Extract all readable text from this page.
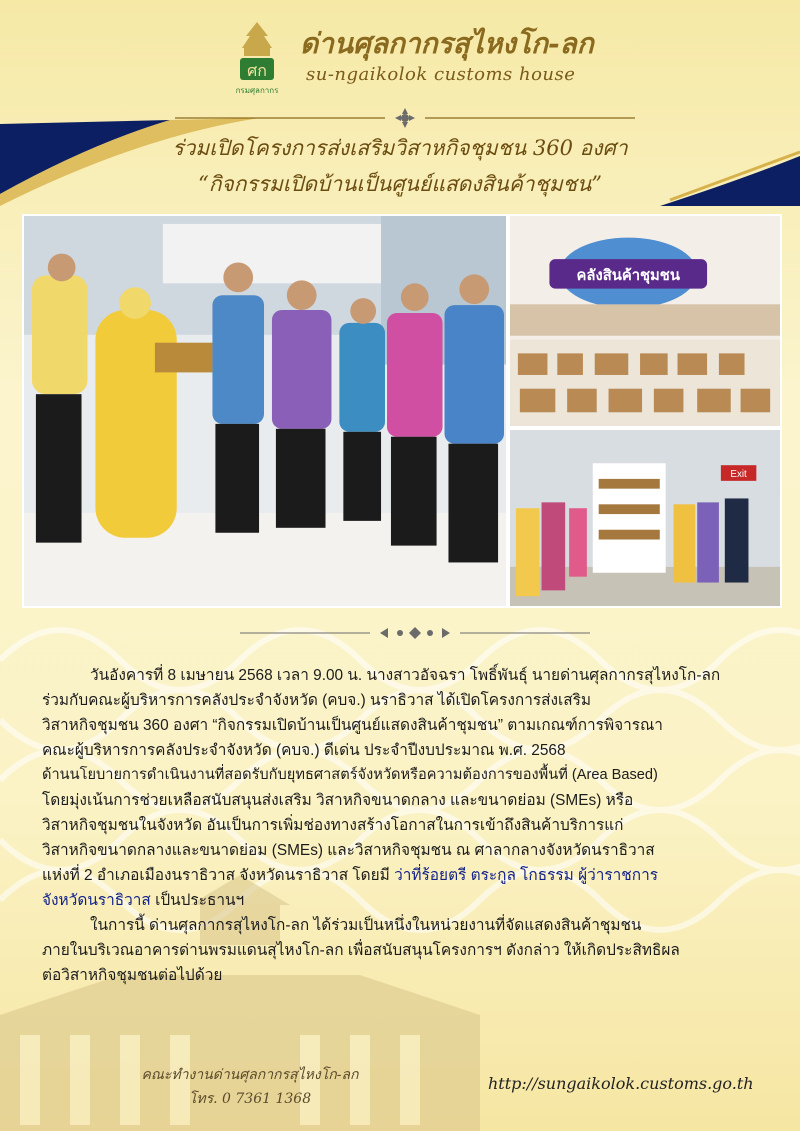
ศก
กรมศุลกากร
ด่านศุลกากรสุไหงโก-ลก
su-ngaikolok customs house
ร่วมเปิดโครงการส่งเสริมวิสาหกิจชุมชน 360 องศา
“กิจกรรมเปิดบ้านเป็นศูนย์แสดงสินค้าชุมชน”
คลังสินค้าชุมชน
Exit

วันอังคารที่ 8 เมษายน 2568 เวลา 9.00 น. นางสาวอัจฉรา โพธิ์พันธุ์ นายด่านศุลกากรสุไหงโก-ลก

ร่วมกับคณะผู้บริหารการคลังประจำจังหวัด (คบจ.) นราธิวาส ได้เปิดโครงการส่งเสริม

วิสาหกิจชุมชน 360 องศา “กิจกรรมเปิดบ้านเป็นศูนย์แสดงสินค้าชุมชน” ตามเกณฑ์การพิจารณา

คณะผู้บริหารการคลังประจำจังหวัด (คบจ.) ดีเด่น ประจำปีงบประมาณ พ.ศ. 2568

ด้านนโยบายการดำเนินงานที่สอดรับกับยุทธศาสตร์จังหวัดหรือความต้องการของพื้นที่ (Area Based)

โดยมุ่งเน้นการช่วยเหลือสนับสนุนส่งเสริม วิสาหกิจขนาดกลาง และขนาดย่อม (SMEs) หรือ

วิสาหกิจชุมชนในจังหวัด อันเป็นการเพิ่มช่องทางสร้างโอกาสในการเข้าถึงสินค้าบริการแก่

วิสาหกิจขนาดกลางและขนาดย่อม (SMEs) และวิสาหกิจชุมชน ณ ศาลากลางจังหวัดนราธิวาส

แห่งที่ 2 อำเภอเมืองนราธิวาส จังหวัดนราธิวาส โดยมี ว่าที่ร้อยตรี ตระกูล โกธรรม ผู้ว่าราชการ

จังหวัดนราธิวาส เป็นประธานฯ

ในการนี้ ด่านศุลกากรสุไหงโก-ลก ได้ร่วมเป็นหนึ่งในหน่วยงานที่จัดแสดงสินค้าชุมชน

ภายในบริเวณอาคารด่านพรมแดนสุไหงโก-ลก เพื่อสนับสนุนโครงการฯ ดังกล่าว ให้เกิดประสิทธิผล

ต่อวิสาหกิจชุมชนต่อไปด้วย

คณะทำงานด่านศุลกากรสุไหงโก-ลก
โทร. 0 7361 1368
http://sungaikolok.customs.go.th
